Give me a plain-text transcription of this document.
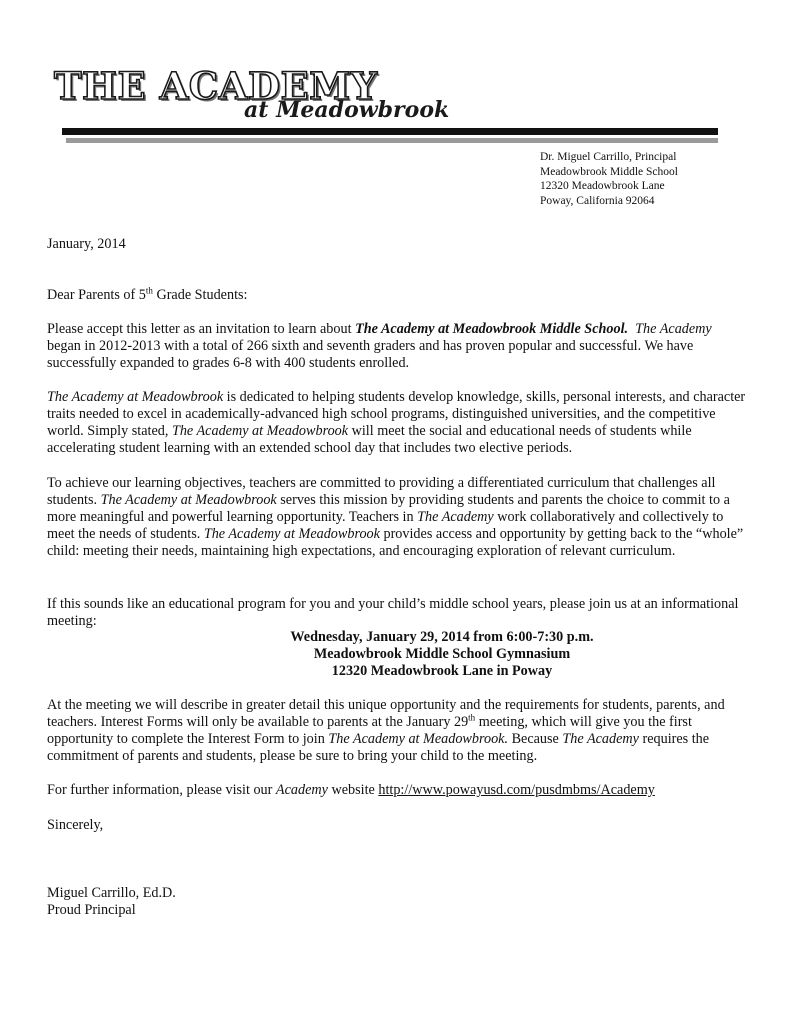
THE ACADEMY
at Meadowbrook
Dr. Miguel Carrillo, Principal
Meadowbrook Middle School
12320 Meadowbrook Lane
Poway, California 92064
January, 2014
Dear Parents of 5th Grade Students:
Please accept this letter as an invitation to learn about The Academy at Meadowbrook Middle School. The Academy began in 2012-2013 with a total of 266 sixth and seventh graders and has proven popular and successful. We have successfully expanded to grades 6-8 with 400 students enrolled.
The Academy at Meadowbrook is dedicated to helping students develop knowledge, skills, personal interests, and character traits needed to excel in academically-advanced high school programs, distinguished universities, and the competitive world. Simply stated, The Academy at Meadowbrook will meet the social and educational needs of students while accelerating student learning with an extended school day that includes two elective periods.
To achieve our learning objectives, teachers are committed to providing a differentiated curriculum that challenges all students. The Academy at Meadowbrook serves this mission by providing students and parents the choice to commit to a more meaningful and powerful learning opportunity. Teachers in The Academy work collaboratively and collectively to meet the needs of students. The Academy at Meadowbrook provides access and opportunity by getting back to the “whole” child: meeting their needs, maintaining high expectations, and encouraging exploration of relevant curriculum.
If this sounds like an educational program for you and your child’s middle school years, please join us at an informational meeting:
Wednesday, January 29, 2014 from 6:00-7:30 p.m.
Meadowbrook Middle School Gymnasium
12320 Meadowbrook Lane in Poway
At the meeting we will describe in greater detail this unique opportunity and the requirements for students, parents, and teachers. Interest Forms will only be available to parents at the January 29th meeting, which will give you the first opportunity to complete the Interest Form to join The Academy at Meadowbrook. Because The Academy requires the commitment of parents and students, please be sure to bring your child to the meeting.
For further information, please visit our Academy website http://www.powayusd.com/pusdmbms/Academy
Sincerely,
Miguel Carrillo, Ed.D.
Proud Principal
